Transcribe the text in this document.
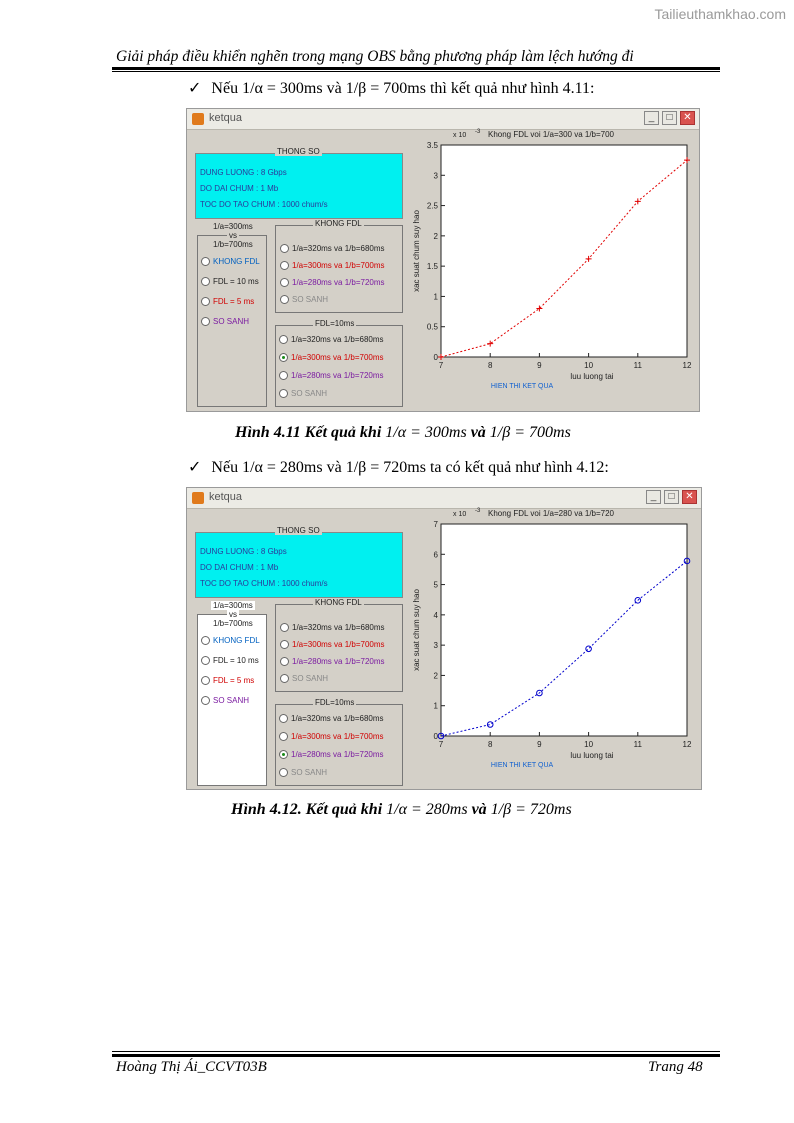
Tailieuthamkhao.com
Giải pháp điều khiển nghẽn trong mạng OBS bằng phương pháp làm lệch hướng đi
✓ Nếu 1/α = 300ms và 1/β = 700ms thì kết quả như hình 4.11:
ketqua	_	□	✕
DUNG LUONG : 8 Gbps
DO DAI CHUM : 1 Mb
TOC DO TAO CHUM : 1000 chum/s
THONG SO
1/a=300ms
vs
1/b=700ms
KHONG FDL
FDL = 10 ms
FDL = 5 ms
SO SANH
KHONG FDL
1/a=320ms va 1/b=680ms
1/a=300ms va 1/b=700ms
1/a=280ms va 1/b=720ms
SO SANH
FDL=10ms
1/a=320ms va 1/b=680ms
1/a=300ms va 1/b=700ms
1/a=280ms va 1/b=720ms
SO SANH
7	8	9	10	11	12
0
0.5
1
1.5
2
2.5
3
3.5
Khong FDL voi 1/a=300 va 1/b=700
x 10 -3
xac suat chum suy hao
luu luong tai
HIEN THI KET QUA
Hình 4.11 Kết quả khi 1/α = 300ms và 1/β = 700ms
✓ Nếu 1/α = 280ms và 1/β = 720ms ta có kết quả như hình 4.12:
ketqua	_	□	✕
DUNG LUONG : 8 Gbps
DO DAI CHUM : 1 Mb
TOC DO TAO CHUM : 1000 chum/s
THONG SO
1/a=300ms
vs
1/b=700ms
KHONG FDL
FDL = 10 ms
FDL = 5 ms
SO SANH
KHONG FDL
1/a=320ms va 1/b=680ms
1/a=300ms va 1/b=700ms
1/a=280ms va 1/b=720ms
SO SANH
FDL=10ms
1/a=320ms va 1/b=680ms
1/a=300ms va 1/b=700ms
1/a=280ms va 1/b=720ms
SO SANH
7	8	9	10	11	12
0
1
2
3
4
5
6
7
Khong FDL voi 1/a=280 va 1/b=720
x 10 -3
xac suat chum suy hao
luu luong tai
HIEN THI KET QUA
Hình 4.12. Kết quả khi 1/α = 280ms và 1/β = 720ms
Hoàng Thị Ái_CCVT03B	Trang 48
